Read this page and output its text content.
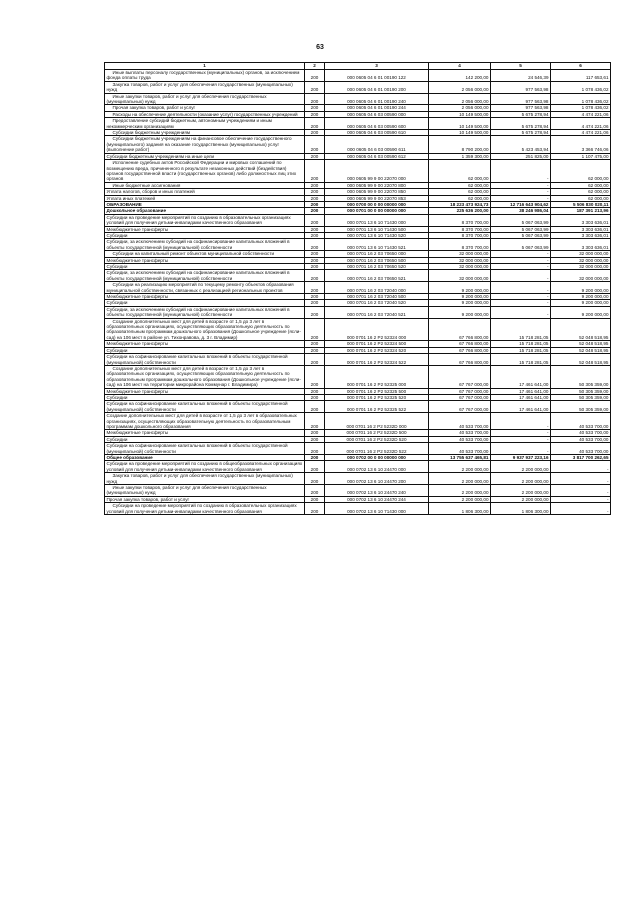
63
1	2	3	4	5	6
Иные выплаты персоналу государственных (муниципальных) органов, за исключением фонда оплаты труда	200	000 0605 04 6 01 00190 122	142 200,00	24 546,39	117 653,61
Закупка товаров, работ и услуг для обеспечения государственных (муниципальных) нужд	200	000 0605 04 6 01 00190 200	2 056 000,00	977 563,98	1 078 436,02
Иные закупки товаров, работ и услуг для обеспечения государственных (муниципальных) нужд	200	000 0605 04 6 01 00190 240	2 056 000,00	977 563,98	1 078 436,02
Прочая закупка товаров, работ и услуг	200	000 0605 04 6 01 00190 244	2 056 000,00	977 563,98	1 078 436,02
Расходы на обеспечение деятельности (оказание услуг) государственных учреждений	200	000 0605 04 6 03 00590 000	10 149 500,00	5 675 278,94	4 474 221,06
Предоставление субсидий бюджетным, автономным учреждениям и иным некоммерческим организациям	200	000 0605 04 6 03 00590 600	10 149 500,00	5 675 278,94	4 474 221,06
Субсидии бюджетным учреждениям	200	000 0605 04 6 03 00590 610	10 149 500,00	5 675 278,94	4 474 221,06
Субсидии бюджетным учреждениям на финансовое обеспечение государственного (муниципального) задания на оказание государственных (муниципальных) услуг (выполнение работ)	200	000 0605 04 6 03 00590 611	8 790 200,00	5 423 453,94	3 366 746,06
Субсидии бюджетным учреждениям на иные цели	200	000 0605 04 6 03 00590 612	1 359 300,00	251 825,00	1 107 475,00
Исполнение судебных актов Российской Федерации и мировых соглашений по возмещению вреда, причиненного в результате незаконных действий (бездействия) органов государственной власти (государственных органов) либо должностных лиц этих органов	200	000 0605 99 9 00 22070 000	62 000,00	-	62 000,00
Иные бюджетные ассигнования	200	000 0605 99 9 00 22070 800	62 000,00	-	62 000,00
Уплата налогов, сборов и иных платежей	200	000 0605 99 9 00 22070 850	62 000,00	-	62 000,00
Уплата иных платежей	200	000 0605 99 9 00 22070 853	62 000,00	-	62 000,00
ОБРАЗОВАНИЕ	200	000 0700 00 0 00 00000 000	18 223 473 924,73	12 716 643 904,62	5 506 830 020,11
Дошкольное образование	200	000 0701 00 0 00 00000 000	225 636 200,00	38 246 986,04	187 391 213,96
Субсидии на проведение мероприятий по созданию в образовательных организациях условий для получения детьми-инвалидами качественного образования	200	000 0701 13 6 10 71430 000	8 370 700,00	5 067 063,99	3 303 636,01
Межбюджетные трансферты	200	000 0701 13 6 10 71430 500	8 370 700,00	5 067 063,99	3 303 636,01
Субсидии	200	000 0701 13 6 10 71430 520	8 370 700,00	5 067 063,99	3 303 636,01
Субсидии, за исключением субсидий на софинансирование капитальных вложений в объекты государственной (муниципальной) собственности	200	000 0701 13 6 10 71430 521	8 370 700,00	5 067 063,99	3 303 636,01
Субсидии на капитальный ремонт объектов муниципальной собственности	200	000 0701 16 2 03 70650 000	32 000 000,00	-	32 000 000,00
Межбюджетные трансферты	200	000 0701 16 2 03 70650 500	32 000 000,00	-	32 000 000,00
Субсидии	200	000 0701 16 2 03 70650 520	32 000 000,00	-	32 000 000,00
Субсидии, за исключением субсидий на софинансирование капитальных вложений в объекты государственной (муниципальной) собственности	200	000 0701 16 2 03 70650 521	32 000 000,00	-	32 000 000,00
Субсидии на реализацию мероприятий по текущему ремонту объектов образования муниципальной собственности, связанных с реализацией региональных проектов	200	000 0701 16 2 03 72040 000	9 200 000,00	-	9 200 000,00
Межбюджетные трансферты	200	000 0701 16 2 03 72040 500	9 200 000,00	-	9 200 000,00
Субсидии	200	000 0701 16 2 03 72040 520	9 200 000,00	-	9 200 000,00
Субсидии, за исключением субсидий на софинансирование капитальных вложений в объекты государственной (муниципальной) собственности	200	000 0701 16 2 03 72040 521	9 200 000,00	-	9 200 000,00
Создание дополнительных мест для детей в возрасте от 1,5 до 3 лет в образовательных организациях, осуществляющих образовательную деятельность по образовательным программам дошкольного образования (Дошкольное учреждение (ясли-сад) на 106 мест в районе ул. Тихонравова, д. 3 г. Владимир)	200	000 0701 16 2 P2 52324 000	67 766 800,00	15 718 281,05	52 048 518,95
Межбюджетные трансферты	200	000 0701 16 2 P2 52324 500	67 766 800,00	15 718 281,05	52 048 518,95
Субсидии	200	000 0701 16 2 P2 52324 520	67 766 800,00	15 718 281,05	52 048 518,95
Субсидии на софинансирование капитальных вложений в объекты государственной (муниципальной) собственности	200	000 0701 16 2 P2 52324 522	67 766 800,00	15 718 281,05	52 048 518,95
Создание дополнительных мест для детей в возрасте от 1,5 до 3 лет в образовательных организациях, осуществляющих образовательную деятельность по образовательным программам дошкольного образования (Дошкольное учреждение (ясли-сад) на 106 мест на территории микрорайона Коммунар г. Владимира)	200	000 0701 16 2 P2 52325 000	67 767 000,00	17 461 641,00	50 305 359,00
Межбюджетные трансферты	200	000 0701 16 2 P2 52325 500	67 767 000,00	17 461 641,00	50 305 359,00
Субсидии	200	000 0701 16 2 P2 52325 520	67 767 000,00	17 461 641,00	50 305 359,00
Субсидии на софинансирование капитальных вложений в объекты государственной (муниципальной) собственности	200	000 0701 16 2 P2 52325 522	67 767 000,00	17 461 641,00	50 305 359,00
Создание дополнительных мест для детей в возрасте от 1,5 до 3 лет в образовательных организациях, осуществляющих образовательную деятельность по образовательным программам дошкольного образования	200	000 0701 16 2 P2 5232D 000	40 533 700,00	-	40 533 700,00
Межбюджетные трансферты	200	000 0701 16 2 P2 5232D 500	40 533 700,00	-	40 533 700,00
Субсидии	200	000 0701 16 2 P2 5232D 520	40 533 700,00	-	40 533 700,00
Субсидии на софинансирование капитальных вложений в объекты государственной (муниципальной) собственности	200	000 0701 16 2 P2 5232D 522	40 533 700,00	-	40 533 700,00
Общее образование	200	000 0702 00 0 00 00000 000	13 755 637 465,81	9 937 937 223,16	3 817 700 262,65
Субсидии на проведение мероприятий по созданию в общеобразовательных организациях условий для получения детьми-инвалидами качественного образования	200	000 0702 13 6 10 24470 000	2 200 000,00	2 200 000,00	-
Закупка товаров, работ и услуг для обеспечения государственных (муниципальных) нужд	200	000 0702 13 6 10 24470 200	2 200 000,00	2 200 000,00	-
Иные закупки товаров, работ и услуг для обеспечения государственных (муниципальных) нужд	200	000 0702 13 6 10 24470 240	2 200 000,00	2 200 000,00	-
Прочая закупка товаров, работ и услуг	200	000 0702 13 6 10 24470 244	2 200 000,00	2 200 000,00	-
Субсидии на проведение мероприятий по созданию в образовательных организациях условий для получения детьми-инвалидами качественного образования	200	000 0702 13 6 10 71430 000	1 806 300,00	1 806 300,00	-
